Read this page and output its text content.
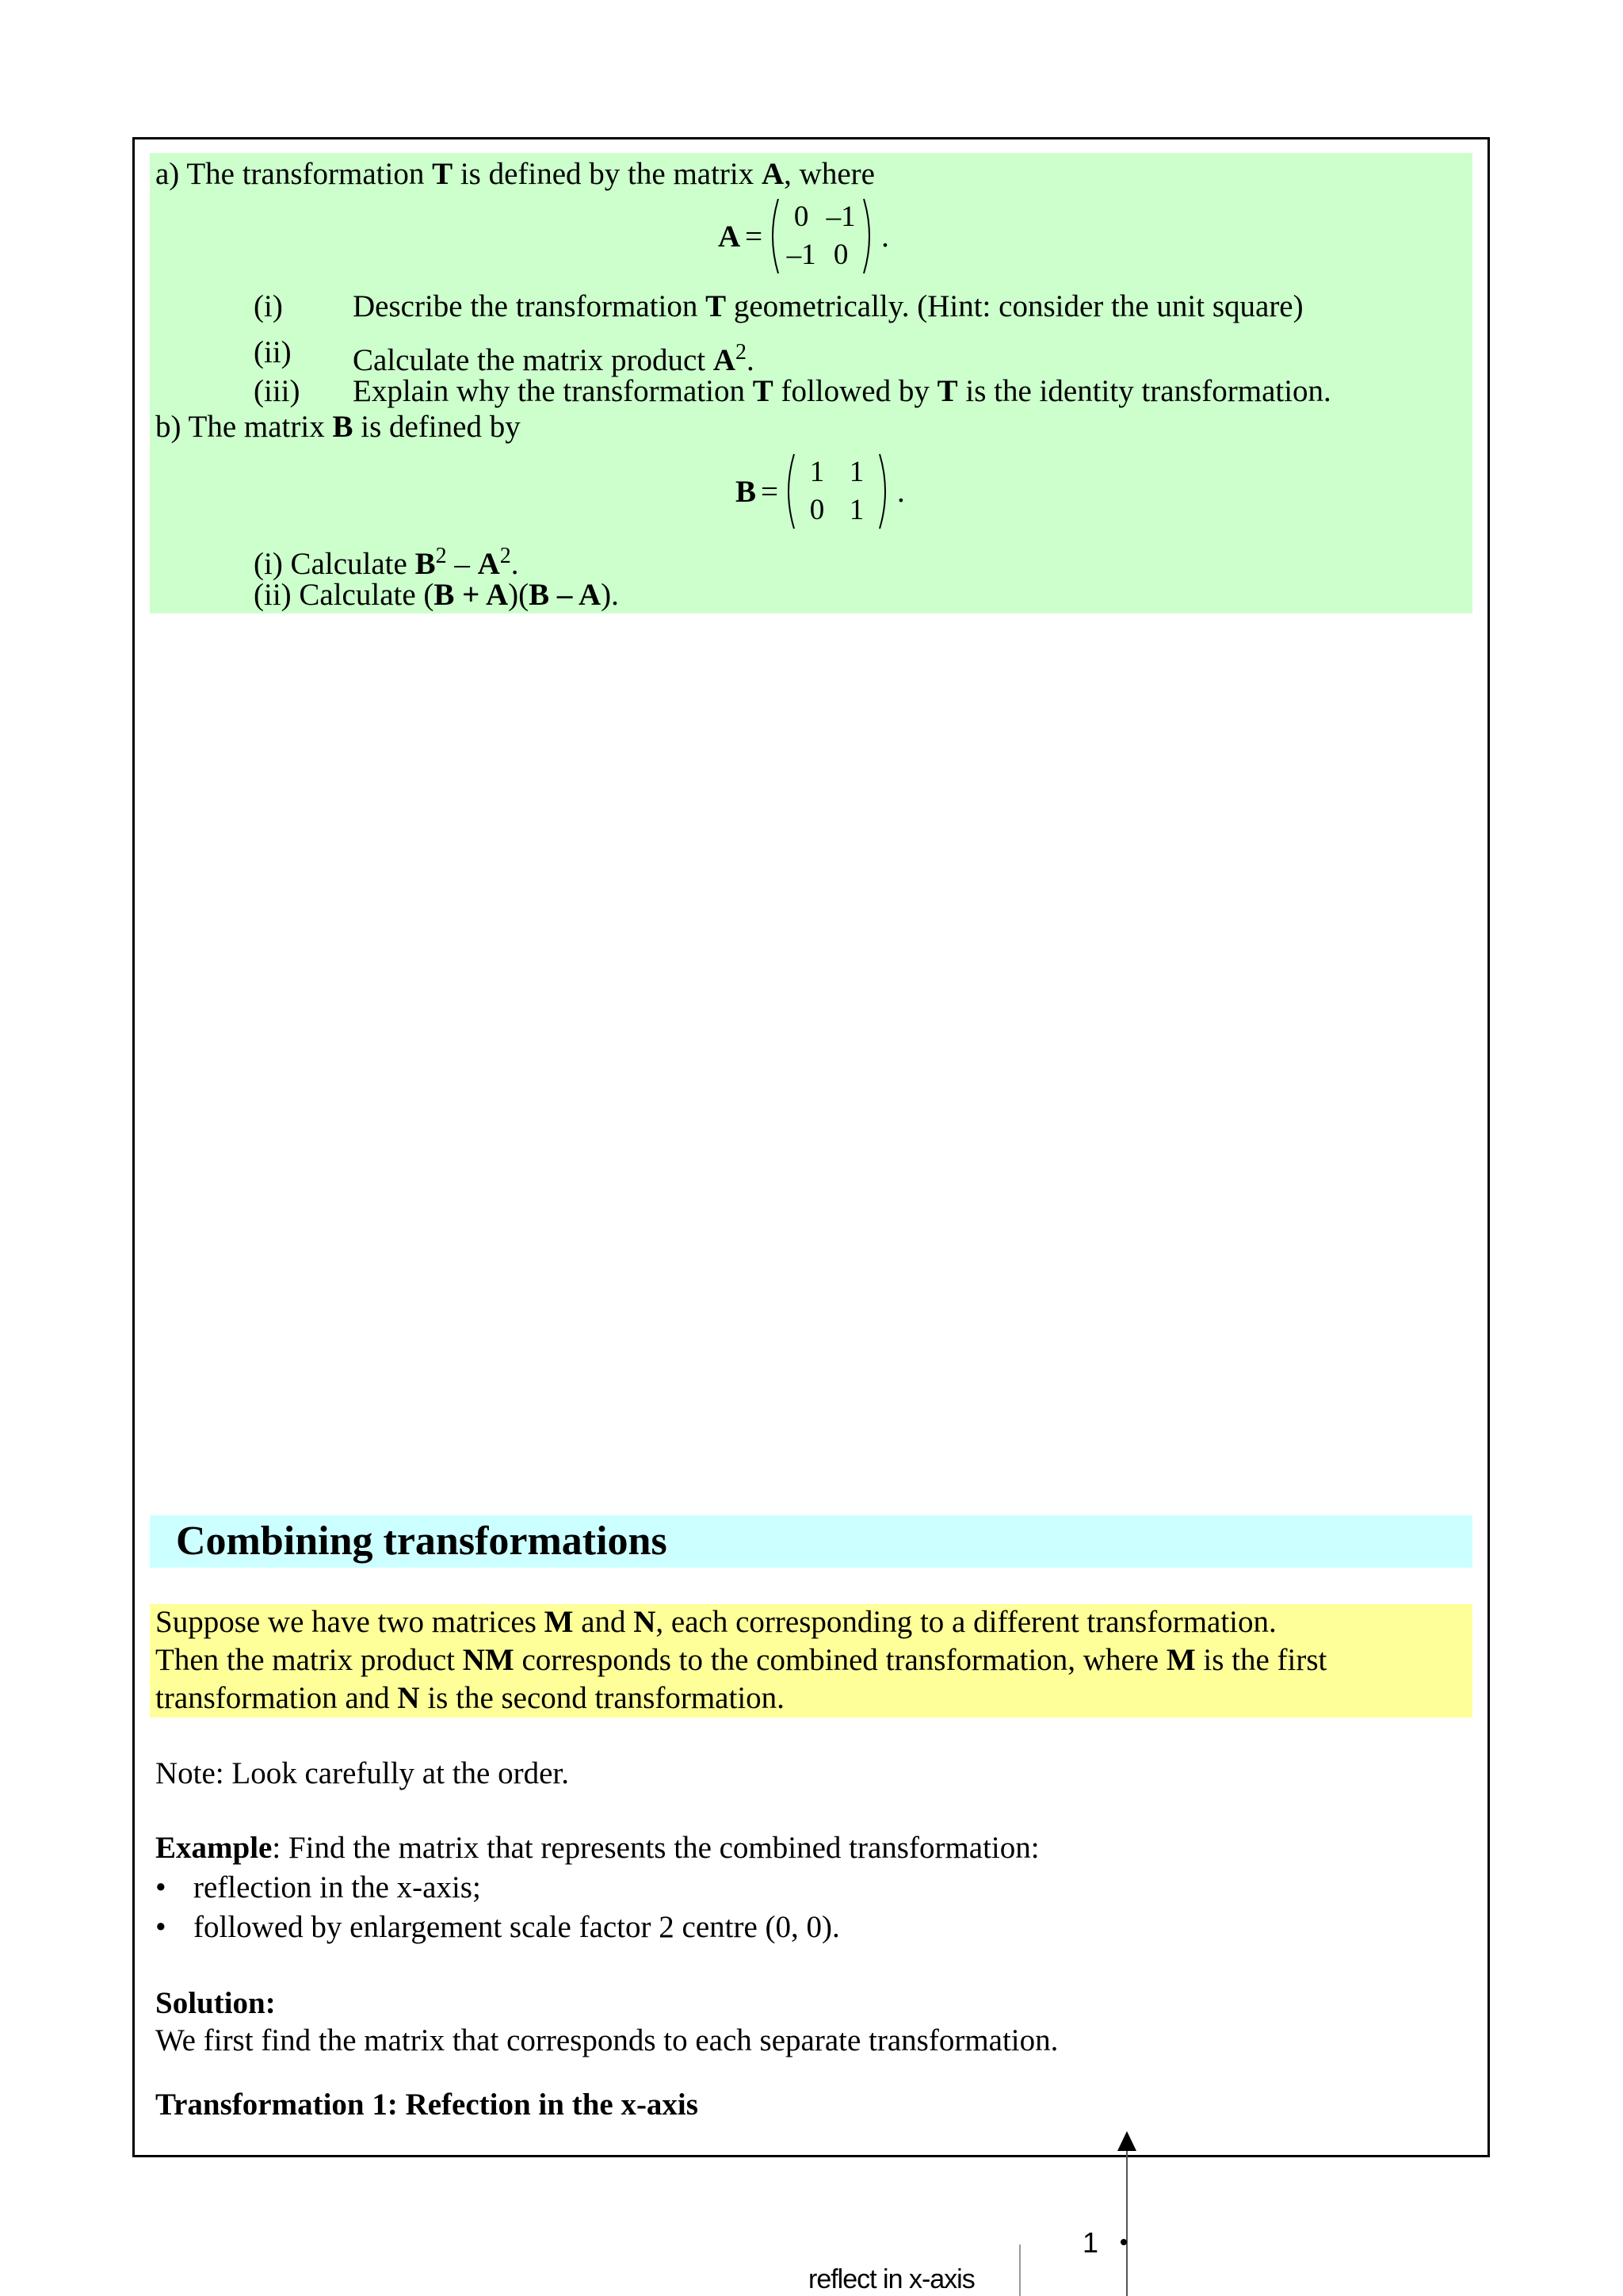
a) The transformation T is defined by the matrix A, where
A =
0 –1
–1 0
.
(i) Describe the transformation T geometrically. (Hint: consider the unit square)
(ii) Calculate the matrix product $A^2$.
(iii) Explain why the transformation T followed by T is the identity transformation.
b) The matrix B is defined by
B =
1 1
0 1
.
(i) Calculate $B^2 - A^2$.
(ii) Calculate (B + A)(B – A).
Combining transformations
Suppose we have two matrices M and N, each corresponding to a different transformation.
Then the matrix product NM corresponds to the combined transformation, where M is the first
transformation and N is the second transformation.
Note: Look carefully at the order.
Example: Find the matrix that represents the combined transformation:
• reflection in the x-axis;
• followed by enlargement scale factor 2 centre (0, 0).
Solution:
We first find the matrix that corresponds to each separate transformation.
Transformation 1: Refection in the x-axis
1
reflect in x-axis
